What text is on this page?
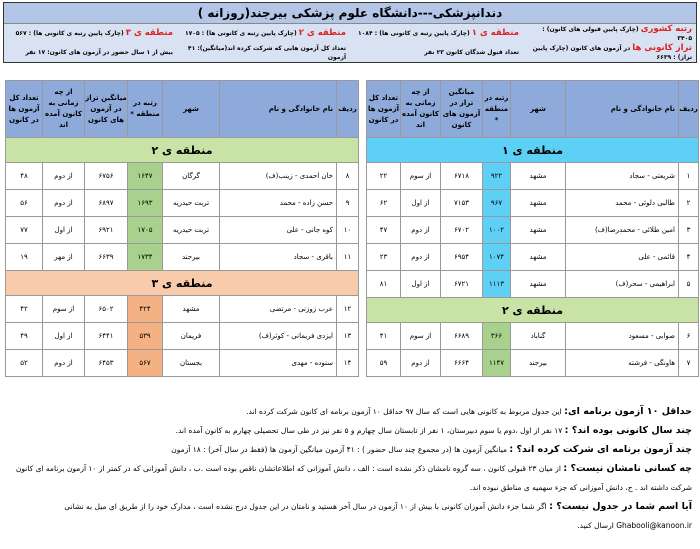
دندانپزشکی---دانشگاه علوم پزشکی بیرجند(روزانه )
رتبه کشوری (چارک پایین قبولی های کانون) : ۳۴۰۵
منطقه ی ۱ (چارک پایین رتبه ی کانونی ها) : ۱۰۸۴
منطقه ی ۲ (چارک پایین رتبه ی کانونی ها) : ۱۷۰۵
منطقه ی ۳ (چارک پایین رتبه ی کانونی ها) : ۵۶۷
تراز کانونی ها در آزمون های کانون (چارک پایین تراز) : ۶۶۳۹
تعداد قبول شدگان کانون ۲۳ نفر
تعداد کل آزمون هایی که شرکت کرده اند(میانگین): ۴۱ آزمون
بیش از ۱ سال حضور در آزمون های کانون: ۱۷ نفر
ردیف	نام خانوادگی و نام	شهر	رتبه در منطقه *	میانگین تراز در آزمون های کانون	از چه زمانی به کانون آمده اند	تعداد کل آزمون ها در کانون
منطقه ی ۱						
۱	شریعتی - سجاد	مشهد	۹۲۲	۶۷۱۸	از سوم	۲۲
۲	طالبی دلوئی - محمد	مشهد	۹۶۷	۷۱۵۳	از اول	۶۲
۳	امین طلائی - محمدرضا(ف)	مشهد	۱۰۰۲	۶۷۰۲	از دوم	۴۷
۴	قائمی - علی	مشهد	۱۰۷۴	۶۹۵۴	از دوم	۲۳
۵	ابراهیمی - سحر(ف)	مشهد	۱۱۱۳	۶۷۲۱	از اول	۸۱
منطقه ی ۲						
۶	صوابی - مسعود	گناباد	۳۶۶	۶۶۸۹	از سوم	۴۱
۷	هاونگی - فرشته	بیرجند	۱۱۴۷	۶۶۶۴	از دوم	۵۹
ردیف	نام خانوادگی و نام	شهر	رتبه در منطقه *	میانگین تراز در آزمون های کانون	از چه زمانی به کانون آمده اند	تعداد کل آزمون ها در کانون
منطقه ی ۲						
۸	خان احمدی - زینب(ف)	گرگان	۱۶۴۷	۶۷۵۶	از دوم	۴۸
۹	حسن زاده - محمد	تربت حیدریه	۱۶۹۳	۶۸۹۷	از دوم	۵۶
۱۰	کوه جانی - علی	تربت حیدریه	۱۷۰۵	۶۹۲۱	از اول	۷۷
۱۱	باقری - سجاد	بیرجند	۱۷۳۴	۶۶۳۹	از مهر	۱۹
منطقه ی ۳						
۱۲	عرب زوزنی - مرتضی	مشهد	۴۲۴	۶۵۰۲	از سوم	۴۲
۱۳	ایزدی فریمانی - کوثر(ف)	فریمان	۵۳۹	۶۴۴۱	از اول	۴۹
۱۴	ستوده - مهدی	بجستان	۵۶۷	۶۴۵۳	از دوم	۵۲

حداقل ۱۰ آزمون برنامه ای: این جدول مربوط به کانونی هایی است که سال ۹۷ حداقل ۱۰ آزمون برنامه ای کانون شرکت کرده اند.

چند سال کانونی بوده اند؟ : ۱۷ نفر از اول ،دوم یا سوم دبیرستان، ۱ نفر از تابستان سال چهارم و ۵ نفر نیز در طی سال تحصیلی چهارم به کانون آمده اند.

چند آزمون برنامه ای شرکت کرده اند؟ : میانگین آزمون ها (در مجموع چند سال حضور ) : ۴۱ آزمون میانگین آزمون ها (فقط در سال آخر) : ۱۸ آزمون

چه کسانی نامشان نیست؟ : از میان ۲۳ قبولی کانون ، سه گروه نامشان ذکر نشده است : الف ، دانش آموزانی که اطلاعاتشان ناقص بوده است .ب ، دانش آموزانی که در کمتر از ۱۰ آزمون برنامه ای کانون شرکت داشته اند . ج، دانش آموزانی که جزء سهمیه ی مناطق نبوده اند.

آیا اسم شما در جدول نیست؟ : اگر شما جزء دانش آموزان کانونی با بیش از ۱۰ آزمون در سال آخر هستید و نامتان در این جدول درج نشده است ، مدارک خود را از طریق ای میل به نشانی Ghabooli@kanoon.ir ارسال کنید.
